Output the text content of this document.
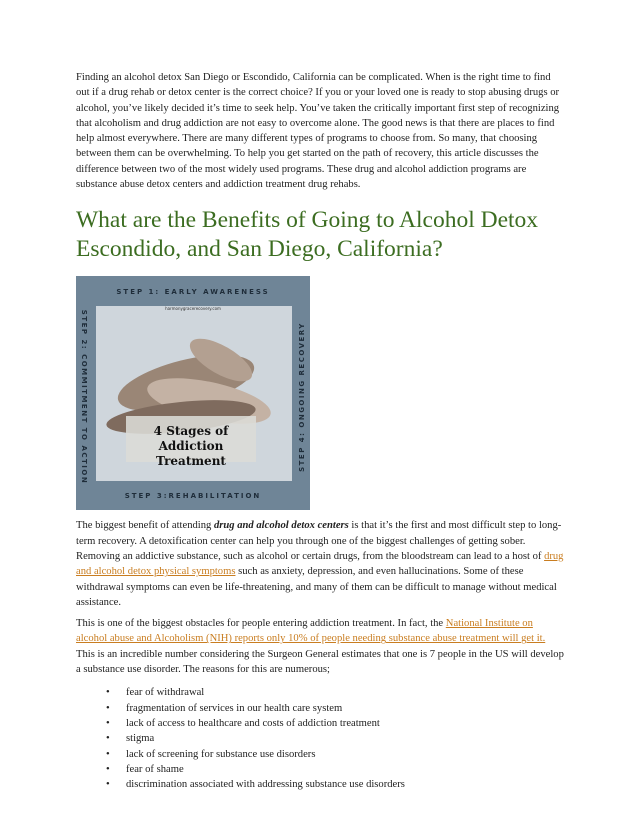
Finding an alcohol detox San Diego or Escondido, California can be complicated. When is the right time to find out if a drug rehab or detox center is the correct choice? If you or your loved one is ready to stop abusing drugs or alcohol, you’ve likely decided it’s time to seek help. You’ve taken the critically important first step of recognizing that alcoholism and drug addiction are not easy to overcome alone. The good news is that there are places to find help almost everywhere. There are many different types of programs to choose from. So many, that choosing between them can be overwhelming. To help you get started on the path of recovery, this article discusses the difference between two of the most widely used programs. These drug and alcohol addiction programs are substance abuse detox centers and addiction treatment drug rehabs.

What are the Benefits of Going to Alcohol Detox Escondido, and San Diego, California?
STEP 1: EARLY AWARENESS
harmonygracerecovery.com
STEP 2: COMMITMENT TO ACTION	STEP 4: ONGOING RECOVERY
4 Stages of Addiction Treatment
STEP 3:REHABILITATION

The biggest benefit of attending drug and alcohol detox centers is that it’s the first and most difficult step to long-term recovery. A detoxification center can help you through one of the biggest challenges of getting sober. Removing an addictive substance, such as alcohol or certain drugs, from the bloodstream can lead to a host of drug and alcohol detox physical symptoms such as anxiety, depression, and even hallucinations. Some of these withdrawal symptoms can even be life-threatening, and many of them can be difficult to manage without medical assistance.

This is one of the biggest obstacles for people entering addiction treatment. In fact, the National Institute on alcohol abuse and Alcoholism (NIH) reports only 10% of people needing substance abuse treatment will get it. This is an incredible number considering the Surgeon General estimates that one is 7 people in the US will develop a substance use disorder. The reasons for this are numerous;

• fear of withdrawal
• fragmentation of services in our health care system
• lack of access to healthcare and costs of addiction treatment
• stigma
• lack of screening for substance use disorders
• fear of shame
• discrimination associated with addressing substance use disorders
